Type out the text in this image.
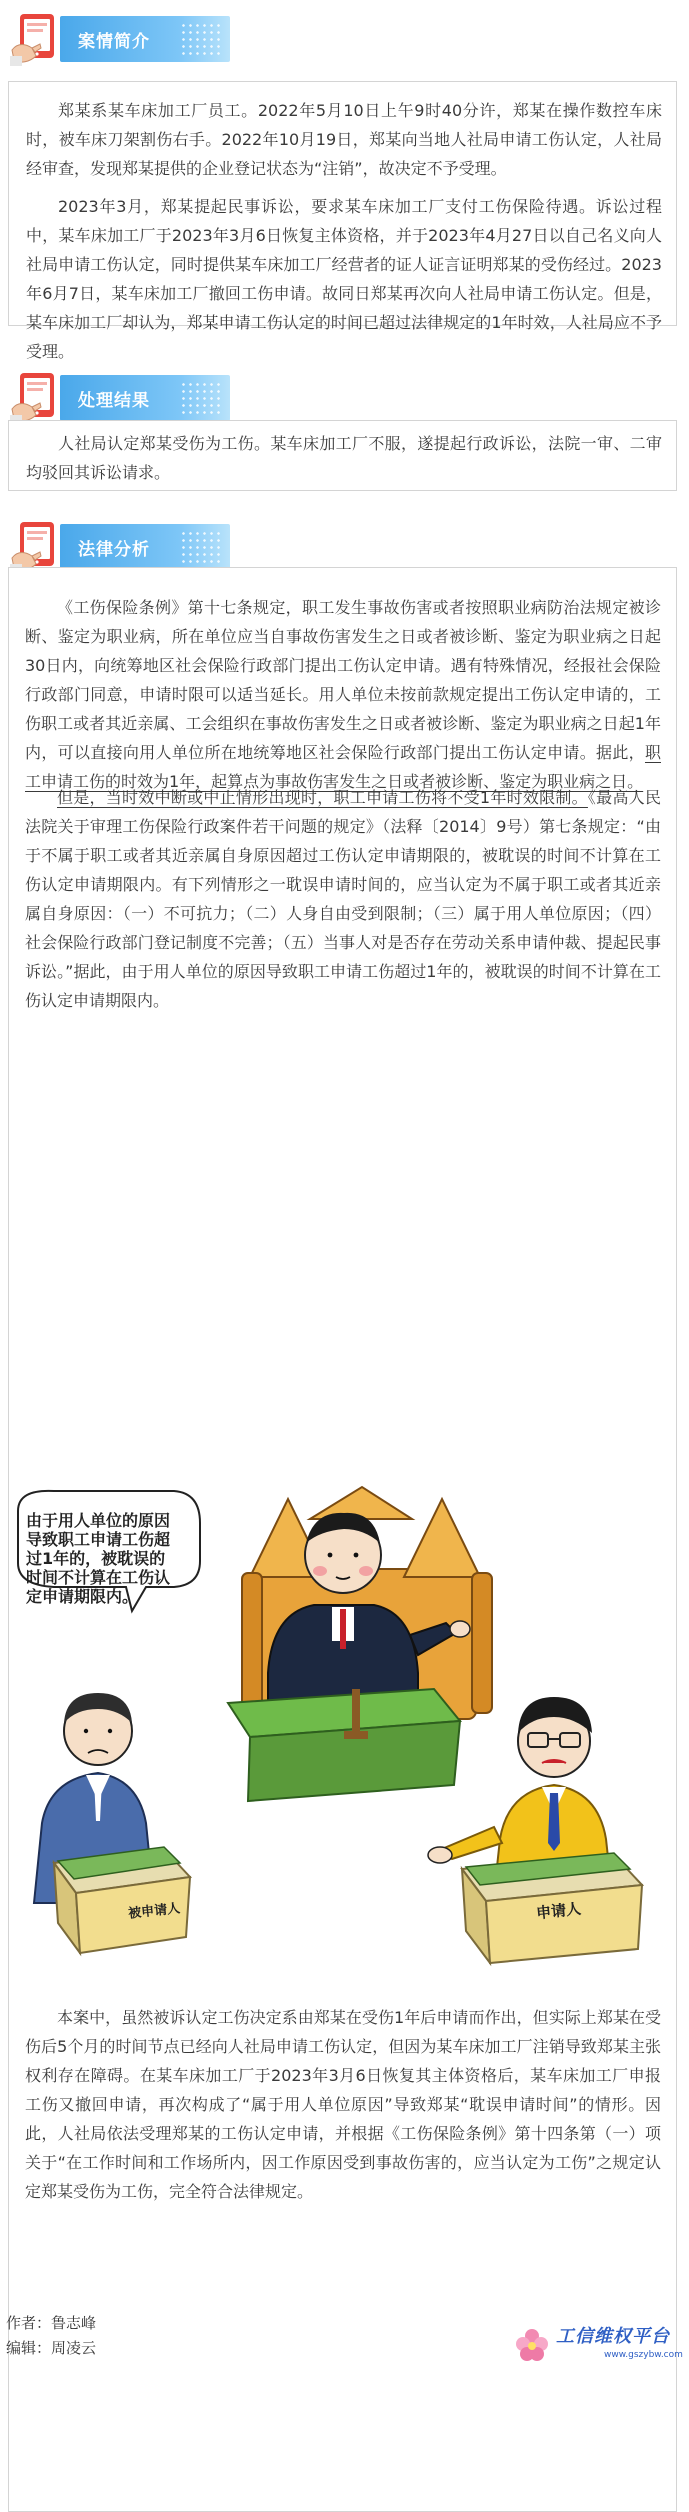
案情简介

郑某系某车床加工厂员工。2022年5月10日上午9时40分许，郑某在操作数控车床时，被车床刀架割伤右手。2022年10月19日，郑某向当地人社局申请工伤认定，人社局经审查，发现郑某提供的企业登记状态为“注销”，故决定不予受理。

2023年3月，郑某提起民事诉讼，要求某车床加工厂支付工伤保险待遇。诉讼过程中，某车床加工厂于2023年3月6日恢复主体资格，并于2023年4月27日以自己名义向人社局申请工伤认定，同时提供某车床加工厂经营者的证人证言证明郑某的受伤经过。2023年6月7日，某车床加工厂撤回工伤申请。故同日郑某再次向人社局申请工伤认定。但是，某车床加工厂却认为，郑某申请工伤认定的时间已超过法律规定的1年时效，人社局应不予受理。

处理结果

人社局认定郑某受伤为工伤。某车床加工厂不服，遂提起行政诉讼，法院一审、二审均驳回其诉讼请求。

法律分析

《工伤保险条例》第十七条规定，职工发生事故伤害或者按照职业病防治法规定被诊断、鉴定为职业病，所在单位应当自事故伤害发生之日或者被诊断、鉴定为职业病之日起30日内，向统筹地区社会保险行政部门提出工伤认定申请。遇有特殊情况，经报社会保险行政部门同意，申请时限可以适当延长。用人单位未按前款规定提出工伤认定申请的，工伤职工或者其近亲属、工会组织在事故伤害发生之日或者被诊断、鉴定为职业病之日起1年内，可以直接向用人单位所在地统筹地区社会保险行政部门提出工伤认定申请。据此，职工申请工伤的时效为1年，起算点为事故伤害发生之日或者被诊断、鉴定为职业病之日。

但是，当时效中断或中止情形出现时，职工申请工伤将不受1年时效限制。《最高人民法院关于审理工伤保险行政案件若干问题的规定》（法释〔2014〕9号）第七条规定：“由于不属于职工或者其近亲属自身原因超过工伤认定申请期限的，被耽误的时间不计算在工伤认定申请期限内。有下列情形之一耽误申请时间的，应当认定为不属于职工或者其近亲属自身原因：（一）不可抗力；（二）人身自由受到限制；（三）属于用人单位原因；（四）社会保险行政部门登记制度不完善；（五）当事人对是否存在劳动关系申请仲裁、提起民事诉讼。”据此，由于用人单位的原因导致职工申请工伤超过1年的，被耽误的时间不计算在工伤认定申请期限内。

由于用人单位的原因导致职工申请工伤超过1年的，被耽误的时间不计算在工伤认定申请期限内。
被申请人	申请人

本案中，虽然被诉认定工伤决定系由郑某在受伤1年后申请而作出，但实际上郑某在受伤后5个月的时间节点已经向人社局申请工伤认定，但因为某车床加工厂注销导致郑某主张权利存在障碍。在某车床加工厂于2023年3月6日恢复其主体资格后，某车床加工厂申报工伤又撤回申请，再次构成了“属于用人单位原因”导致郑某“耽误申请时间”的情形。因此，人社局依法受理郑某的工伤认定申请，并根据《工伤保险条例》第十四条第（一）项关于“在工作时间和工作场所内，因工作原因受到事故伤害的，应当认定为工伤”之规定认定郑某受伤为工伤，完全符合法律规定。

作者：鲁志峰
编辑：周凌云
工信维权平台
www.gszybw.com
